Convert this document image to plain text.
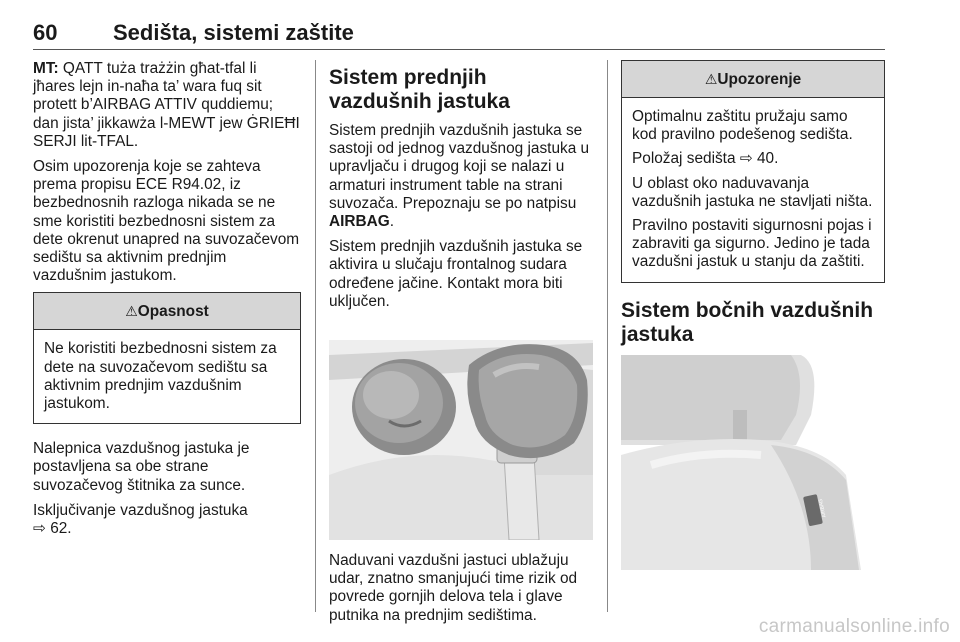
60	Sedišta, sistemi zaštite

MT: QATT tuża trażżin għat-tfal li jħares lejn in-naħa ta’ wara fuq sit protett b’AIRBAG ATTIV quddiemu; dan jista’ jikkawża l-MEWT jew ĠRIEĦI SERJI lit-TFAL.

Osim upozorenja koje se zahteva prema propisu ECE R94.02, iz bezbednosnih razloga nikada se ne sme koristiti bezbednosni sistem za dete okrenut unapred na suvozačevom sedištu sa aktivnim prednjim vazdušnim jastukom.

⚠Opasnost

Ne koristiti bezbednosni sistem za dete na suvozačevom sedištu sa aktivnim prednjim vazdušnim jastukom.

Nalepnica vazdušnog jastuka je postavljena sa obe strane suvozačevog štitnika za sunce.

Isključivanje vazdušnog jastuka
⇨ 62.

Sistem prednjih vazdušnih jastuka

Sistem prednjih vazdušnih jastuka se sastoji od jednog vazdušnog jastuka u upravljaču i drugog koji se nalazi u armaturi instrument table na strani suvozača. Prepoznaju se po natpisu AIRBAG.

Sistem prednjih vazdušnih jastuka se aktivira u slučaju frontalnog sudara određene jačine. Kontakt mora biti uključen.

Naduvani vazdušni jastuci ublažuju udar, znatno smanjujući time rizik od povrede gornjih delova tela i glave putnika na prednjim sedištima.

⚠Upozorenje

Optimalnu zaštitu pružaju samo kod pravilno podešenog sedišta.

Položaj sedišta ⇨ 40.

U oblast oko naduvavanja vazdušnih jastuka ne stavljati ništa.

Pravilno postaviti sigurnosni pojas i zabraviti ga sigurno. Jedino je tada vazdušni jastuk u stanju da zaštiti.

Sistem bočnih vazdušnih jastuka
AIRBAG
carmanualsonline.info
